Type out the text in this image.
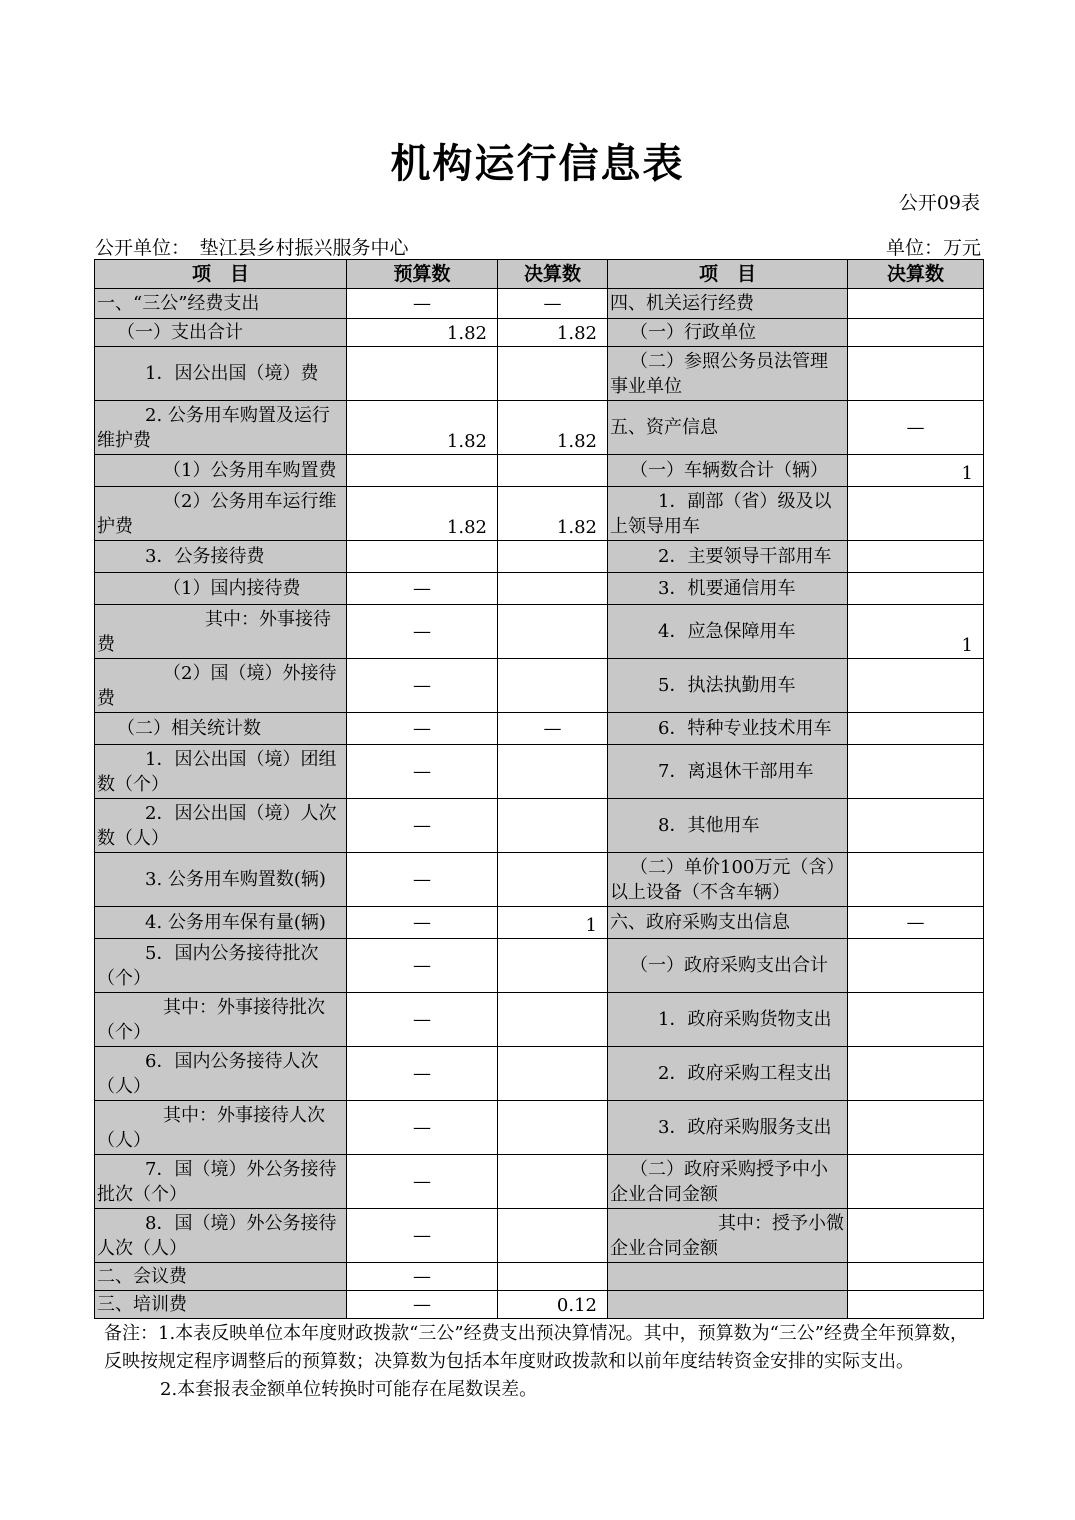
机构运行信息表
公开09表
公开单位：　垫江县乡村振兴服务中心	单位：万元
项　目	预算数	决算数	项　目	决算数
一、“三公”经费支出	—	—	四、机关运行经费	
（一）支出合计	1.82	1.82	（一）行政单位	
1．因公出国（境）费			（二）参照公务员法管理事业单位	
2. 公务用车购置及运行维护费	1.82	1.82	五、资产信息	—
（1）公务用车购置费			（一）车辆数合计（辆）	1
（2）公务用车运行维护费	1.82	1.82	1．副部（省）级及以上领导用车	
3．公务接待费			2．主要领导干部用车	
（1）国内接待费	—		3．机要通信用车	
其中：外事接待费	—		4．应急保障用车	1
（2）国（境）外接待费	—		5．执法执勤用车	
（二）相关统计数	—	—	6．特种专业技术用车	
1．因公出国（境）团组数（个）	—		7．离退休干部用车	
2．因公出国（境）人次数（人）	—		8．其他用车	
3. 公务用车购置数(辆)	—		（二）单价100万元（含）以上设备（不含车辆）	
4. 公务用车保有量(辆)	—	1	六、政府采购支出信息	—
5．国内公务接待批次（个）	—		（一）政府采购支出合计	
其中：外事接待批次（个）	—		1．政府采购货物支出	
6．国内公务接待人次（人）	—		2．政府采购工程支出	
其中：外事接待人次（人）	—		3．政府采购服务支出	
7．国（境）外公务接待批次（个）	—		（二）政府采购授予中小企业合同金额	
8．国（境）外公务接待人次（人）	—		其中：授予小微企业合同金额	
二、会议费	—			
三、培训费	—	0.12		
备注：1.本表反映单位本年度财政拨款“三公”经费支出预决算情况。其中，预算数为“三公”经费全年预算数，反映按规定程序调整后的预算数；决算数为包括本年度财政拨款和以前年度结转资金安排的实际支出。
2.本套报表金额单位转换时可能存在尾数误差。
